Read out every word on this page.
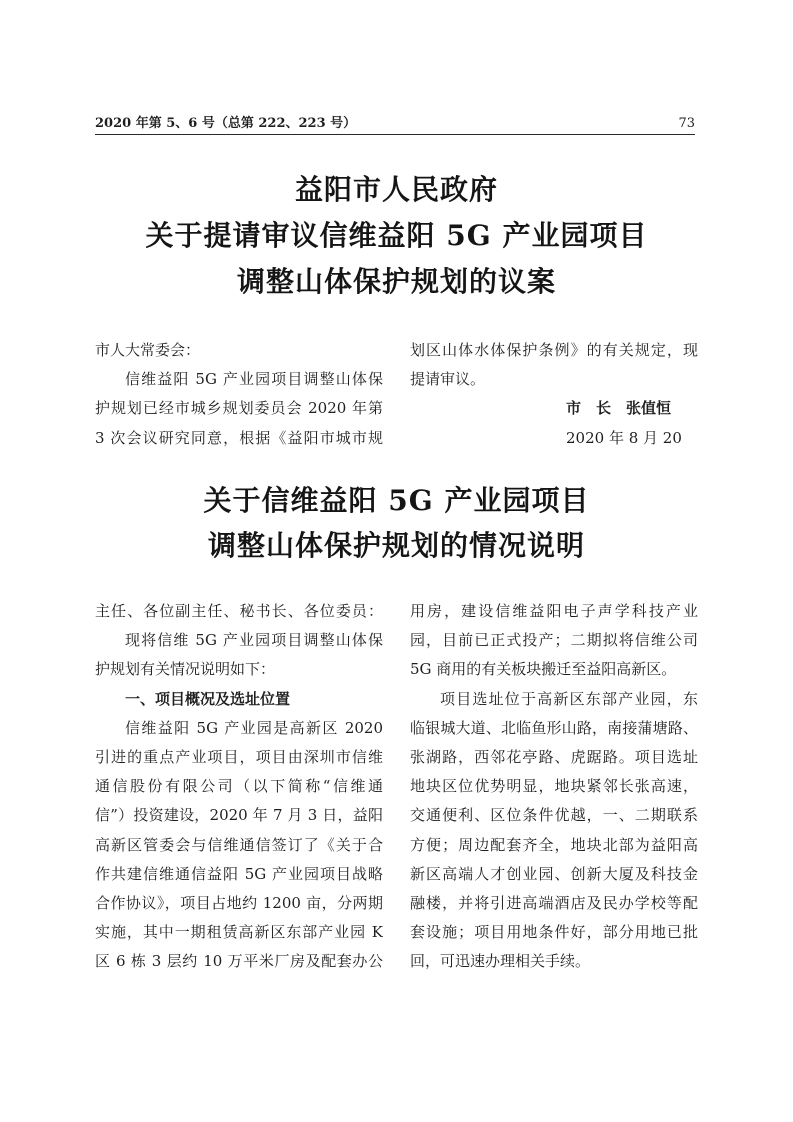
2020 年第 5、6 号（总第 222、223 号）	73
益阳市人民政府
关于提请审议信维益阳 5G 产业园项目
调整山体保护规划的议案
市人大常委会：
信维益阳 5G 产业园项目调整山体保
护规划已经市城乡规划委员会 2020 年第
3 次会议研究同意，根据《益阳市城市规
划区山体水体保护条例》的有关规定，现
提请审议。
市　长 张值恒
2020 年 8 月 20
关于信维益阳 5G 产业园项目
调整山体保护规划的情况说明
主任、各位副主任、秘书长、各位委员：
现将信维 5G 产业园项目调整山体保
护规划有关情况说明如下：
一、项目概况及选址位置
信维益阳 5G 产业园是高新区 2020
引进的重点产业项目，项目由深圳市信维
通信股份有限公司（以下简称“信维通
信”）投资建设，2020 年 7 月 3 日，益阳
高新区管委会与信维通信签订了《关于合
作共建信维通信益阳 5G 产业园项目战略
合作协议》，项目占地约 1200 亩，分两期
实施，其中一期租赁高新区东部产业园 K
区 6 栋 3 层约 10 万平米厂房及配套办公
用房，建设信维益阳电子声学科技产业
园，目前已正式投产；二期拟将信维公司
5G 商用的有关板块搬迁至益阳高新区。
项目选址位于高新区东部产业园，东
临银城大道、北临鱼形山路，南接蒲塘路、
张湖路，西邻花亭路、虎踞路。项目选址
地块区位优势明显，地块紧邻长张高速，
交通便利、区位条件优越，一、二期联系
方便；周边配套齐全，地块北部为益阳高
新区高端人才创业园、创新大厦及科技金
融楼，并将引进高端酒店及民办学校等配
套设施；项目用地条件好，部分用地已批
回，可迅速办理相关手续。
